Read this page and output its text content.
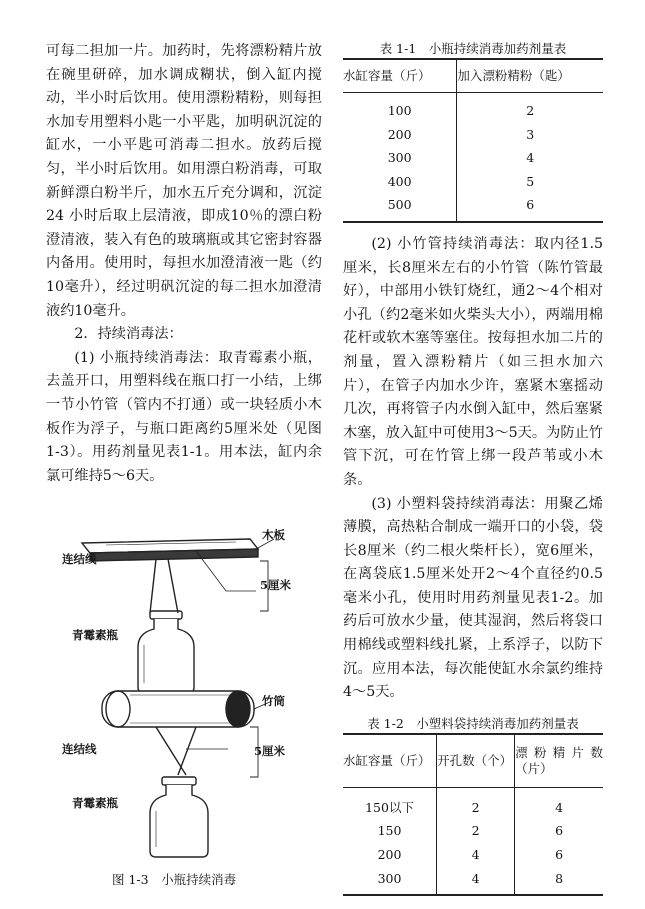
可每二担加一片。加药时，先将漂粉精片放在碗里研碎，加水调成糊状，倒入缸内搅动，半小时后饮用。使用漂粉精粉，则每担水加专用塑料小匙一小平匙，加明矾沉淀的缸水，一小平匙可消毒二担水。放药后搅匀，半小时后饮用。如用漂白粉消毒，可取新鲜漂白粉半斤，加水五斤充分调和，沉淀24 小时后取上层清液，即成10％的漂白粉澄清液，装入有色的玻璃瓶或其它密封容器内备用。使用时，每担水加澄清液一匙（约10毫升），经过明矾沉淀的每二担水加澄清液约10毫升。

2．持续消毒法：

(1) 小瓶持续消毒法：取青霉素小瓶，去盖开口，用塑料线在瓶口打一小结，上绑一节小竹管（管内不打通）或一块轻质小木板作为浮子，与瓶口距离约5厘米处（见图 1-3）。用药剂量见表1-1。用本法，缸内余氯可维持5～6天。

木板
连结线
5厘米
青霉素瓶
竹筒
连结线	5厘米
青霉素瓶
图 1-3　小瓶持续消毒

表 1-1　小瓶持续消毒加药剂量表

水缸容量（斤）	加入漂粉精粉（匙）
100	2
200	3
300	4
400	5
500	6

(2) 小竹管持续消毒法：取内径1.5 厘米，长8厘米左右的小竹管（陈竹管最好），中部用小铁钉烧红，通2～4个相对小孔（约2毫米如火柴头大小），两端用棉花杆或软木塞等塞住。按每担水加二片的剂量，置入漂粉精片（如三担水加六片），在管子内加水少许，塞紧木塞摇动几次，再将管子内水倒入缸中，然后塞紧木塞，放入缸中可使用3～5天。为防止竹管下沉，可在竹管上绑一段芦苇或小木条。

(3) 小塑料袋持续消毒法：用聚乙烯薄膜，高热粘合制成一端开口的小袋，袋长8厘米（约二根火柴杆长），宽6厘米，在离袋底1.5厘米处开2～4个直径约0.5毫米小孔，使用时用药剂量见表1-2。加药后可放水少量，使其湿润，然后将袋口用棉线或塑料线扎紧，上系浮子，以防下沉。应用本法，每次能使缸水余氯约维持4～5天。

表 1-2　小塑料袋持续消毒加药剂量表

水缸容量（斤）	开孔数（个）	漂粉精片数（片）
150以下	2	4
150	2	6
200	4	6
300	4	8
